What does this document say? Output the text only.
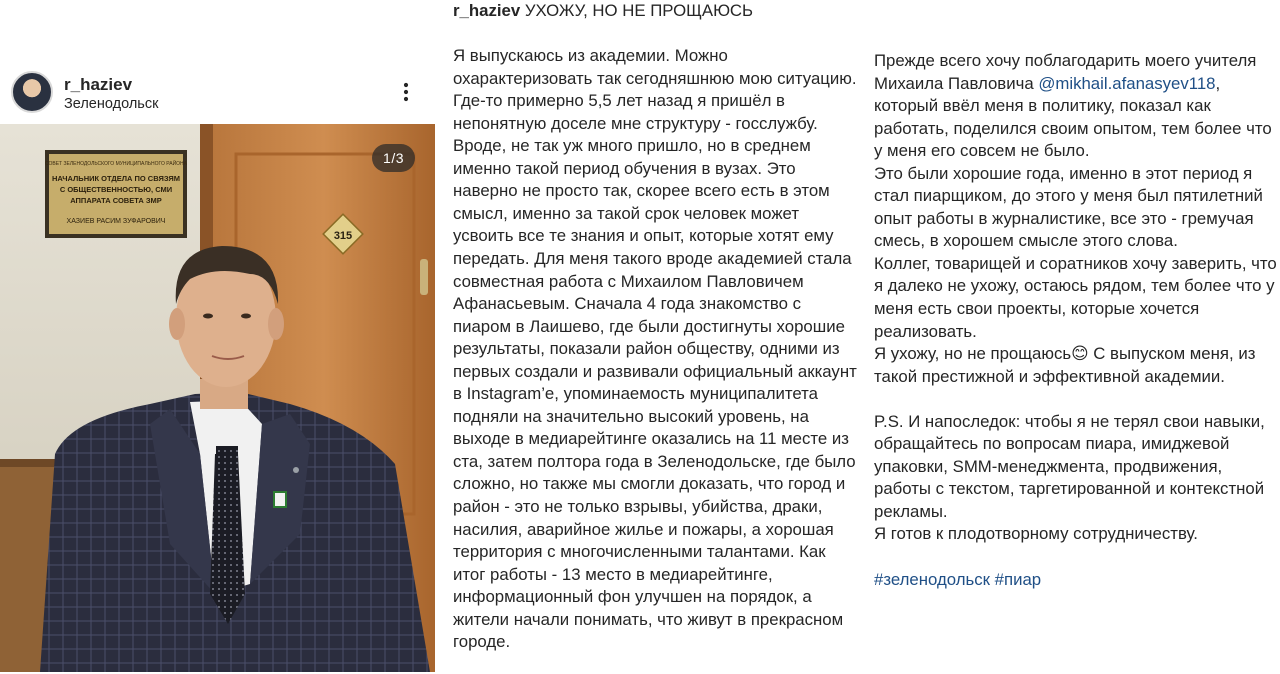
r_haziev
Зеленодольск
315
СОВЕТ ЗЕЛЕНОДОЛЬСКОГО МУНИЦИПАЛЬНОГО РАЙОНА
НАЧАЛЬНИК ОТДЕЛА ПО СВЯЗЯМ
С ОБЩЕСТВЕННОСТЬЮ, СМИ
АППАРАТА СОВЕТА ЗМР
ХАЗИЕВ РАСИМ ЗУФАРОВИЧ
1/3
r_haziev УХОЖУ, НО НЕ ПРОЩАЮСЬ
Я выпускаюсь из академии. Можно охарактеризовать так сегодняшнюю мою ситуацию. Где-то примерно 5,5 лет назад я пришёл в непонятную доселе мне структуру - госслужбу. Вроде, не так уж много пришло, но в среднем именно такой период обучения в вузах. Это наверно не просто так, скорее всего есть в этом смысл, именно за такой срок человек может усвоить все те знания и опыт, которые хотят ему передать. Для меня такого вроде академией стала совместная работа с Михаилом Павловичем Афанасьевым. Сначала 4 года знакомство с пиаром в Лаишево, где были достигнуты хорошие результаты, показали район обществу, одними из первых создали и развивали официальный аккаунт в Instagram’е, упоминаемость муниципалитета подняли на значительно высокий уровень, на выходе в медиарейтинге оказались на 11 месте из ста, затем полтора года в Зеленодольске, где было сложно, но также мы смогли доказать, что город и район - это не только взрывы, убийства, драки, насилия, аварийное жилье и пожары, а хорошая территория с многочисленными талантами. Как итог работы - 13 место в медиарейтинге, информационный фон улучшен на порядок, а жители начали понимать, что живут в прекрасном городе.
Прежде всего хочу поблагодарить моего учителя Михаила Павловича @mikhail.afanasyev118, который ввёл меня в политику, показал как работать, поделился своим опытом, тем более что у меня его совсем не было.
Это были хорошие года, именно в этот период я стал пиарщиком, до этого у меня был пятилетний опыт работы в журналистике, все это - гремучая смесь, в хорошем смысле этого слова.
Коллег, товарищей и соратников хочу заверить, что я далеко не ухожу, остаюсь рядом, тем более что у меня есть свои проекты, которые хочется реализовать.
Я ухожу, но не прощаюсь😊 С выпуском меня, из такой престижной и эффективной академии.
P.S. И напоследок: чтобы я не терял свои навыки, обращайтесь по вопросам пиара, имиджевой упаковки, SMM-менеджмента, продвижения, работы с текстом, таргетированной и контекстной рекламы.
Я готов к плодотворному сотрудничеству.
#зеленодольск #пиар
